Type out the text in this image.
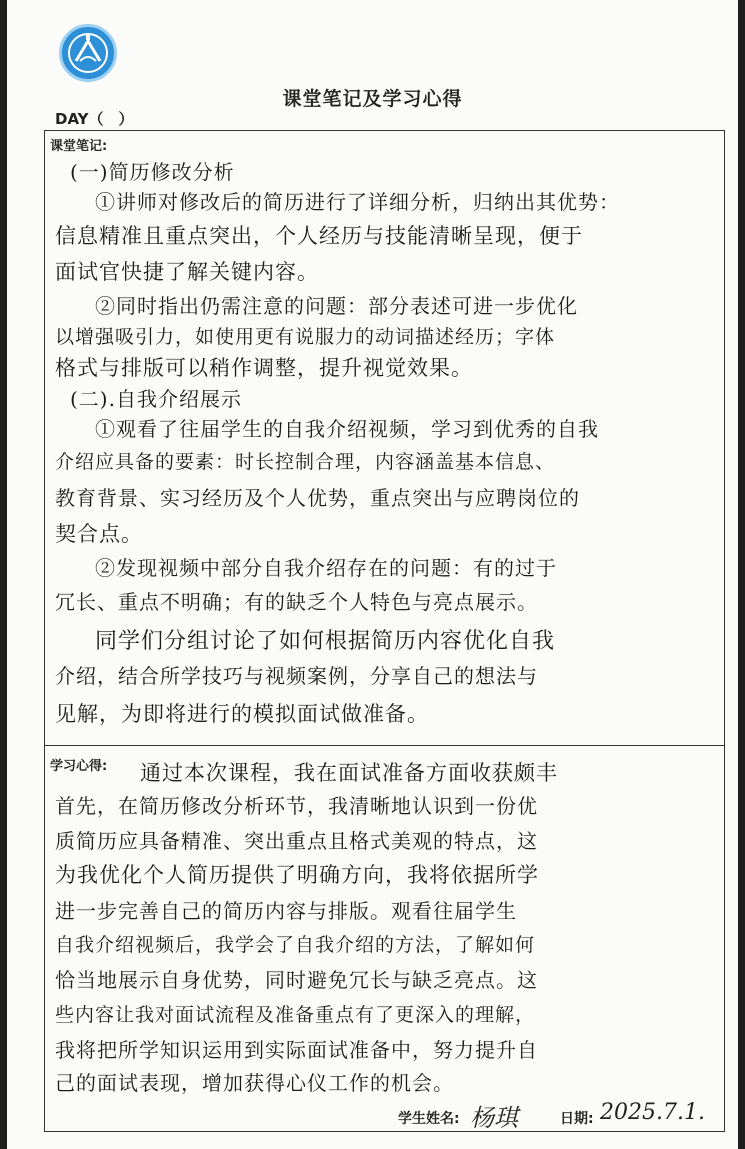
课堂笔记及学习心得
DAY（　）
课堂笔记:
(一)简历修改分析
①讲师对修改后的简历进行了详细分析，归纳出其优势：
信息精准且重点突出，个人经历与技能清晰呈现，便于
面试官快捷了解关键内容。
②同时指出仍需注意的问题：部分表述可进一步优化
以增强吸引力，如使用更有说服力的动词描述经历；字体
格式与排版可以稍作调整，提升视觉效果。
(二).自我介绍展示
①观看了往届学生的自我介绍视频，学习到优秀的自我
介绍应具备的要素：时长控制合理，内容涵盖基本信息、
教育背景、实习经历及个人优势，重点突出与应聘岗位的
契合点。
②发现视频中部分自我介绍存在的问题：有的过于
冗长、重点不明确；有的缺乏个人特色与亮点展示。
同学们分组讨论了如何根据简历内容优化自我
介绍，结合所学技巧与视频案例，分享自己的想法与
见解，为即将进行的模拟面试做准备。
学习心得: 通过本次课程，我在面试准备方面收获颇丰
首先，在简历修改分析环节，我清晰地认识到一份优
质简历应具备精准、突出重点且格式美观的特点，这
为我优化个人简历提供了明确方向，我将依据所学
进一步完善自己的简历内容与排版。观看往届学生
自我介绍视频后，我学会了自我介绍的方法，了解如何
恰当地展示自身优势，同时避免冗长与缺乏亮点。这
些内容让我对面试流程及准备重点有了更深入的理解，
我将把所学知识运用到实际面试准备中，努力提升自
己的面试表现，增加获得心仪工作的机会。
学生姓名: 杨琪	日期: 2025.7.1.
